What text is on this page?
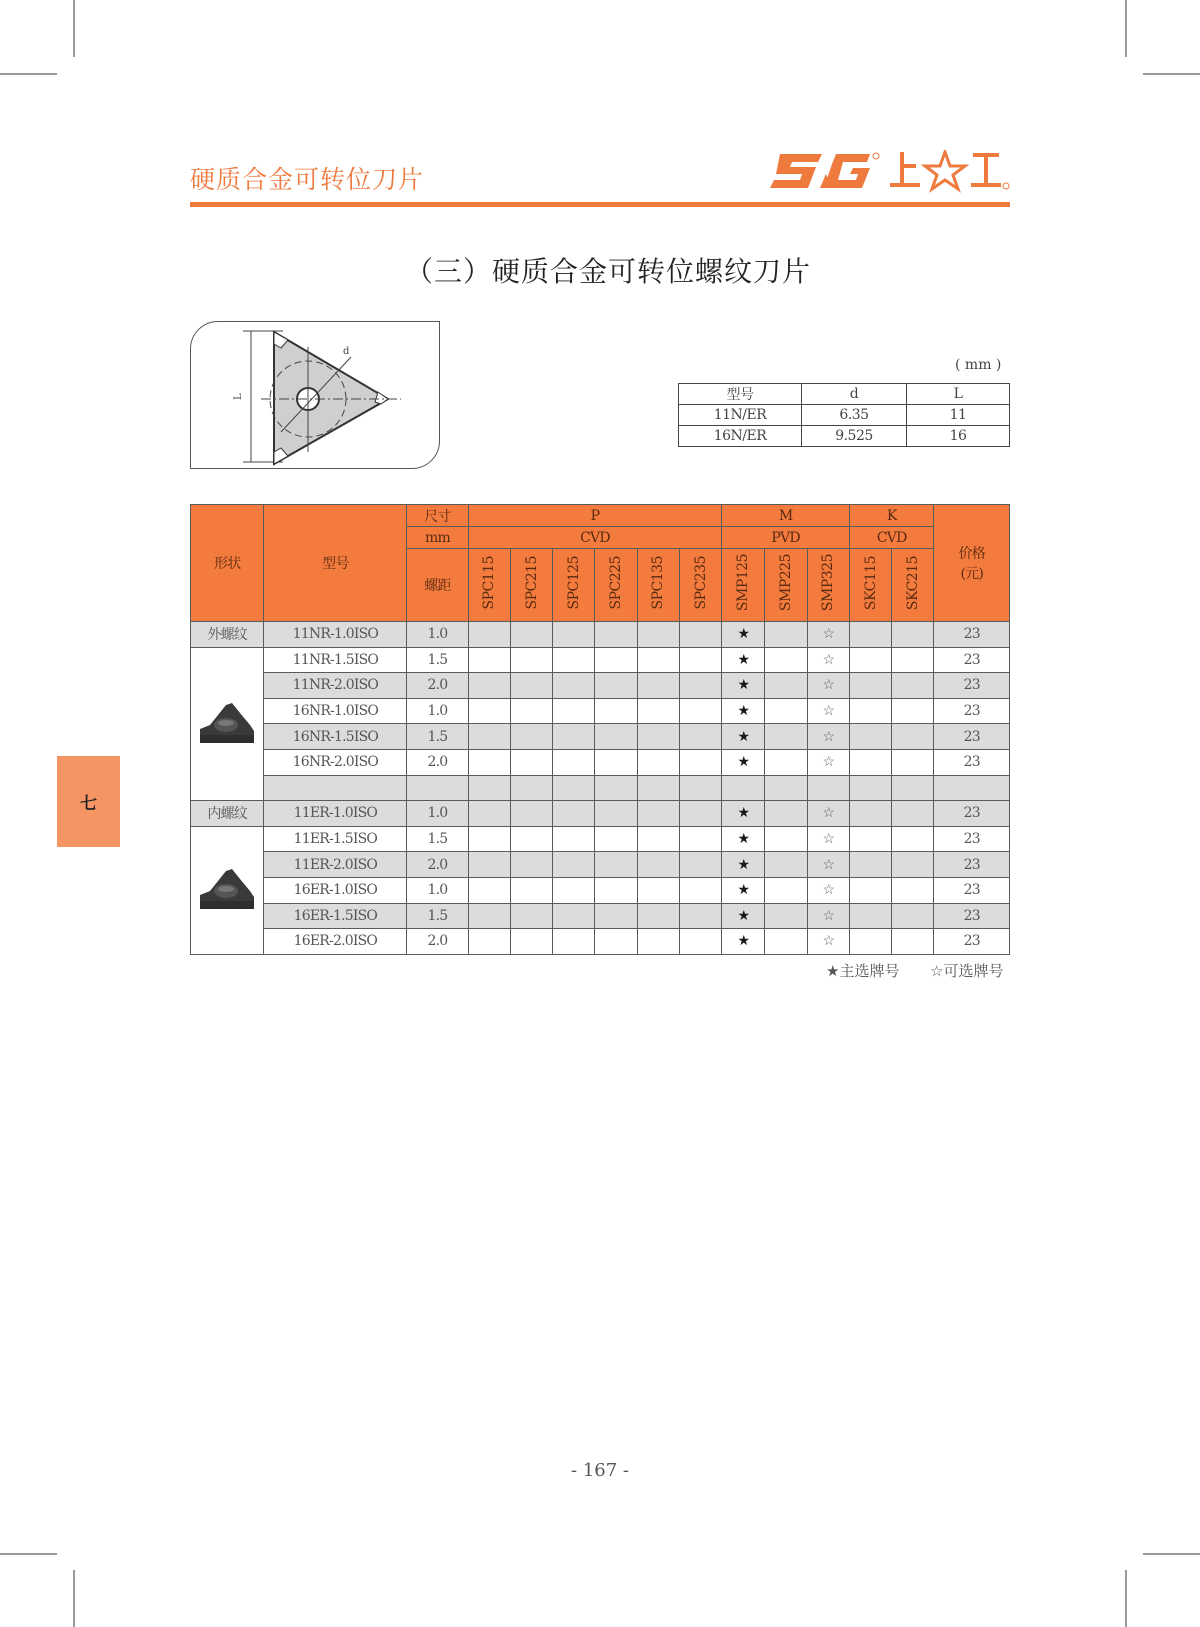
硬质合金可转位刀片
（三）硬质合金可转位螺纹刀片
L
d
( mm )
型号	d	L
11N/ER	6.35	11
16N/ER	9.525	16
形状	型号	尺寸	P						M			K		价格
(元)
		mm	CVD						PVD			CVD		
		螺距	SPC115	SPC215	SPC125	SPC225	SPC135	SPC235	SMP125	SMP225	SMP325	SKC115	SKC215	
外螺纹	11NR-1.0ISO	1.0							★		☆			23
	11NR-1.5ISO	1.5							★		☆			23
	11NR-2.0ISO	2.0							★		☆			23
	16NR-1.0ISO	1.0							★		☆			23
	16NR-1.5ISO	1.5							★		☆			23
	16NR-2.0ISO	2.0							★		☆			23

内螺纹	11ER-1.0ISO	1.0							★		☆			23
	11ER-1.5ISO	1.5							★		☆			23
	11ER-2.0ISO	2.0							★		☆			23
	16ER-1.0ISO	1.0							★		☆			23
	16ER-1.5ISO	1.5							★		☆			23
	16ER-2.0ISO	2.0							★		☆			23
★主选牌号 ☆可选牌号
七
- 167 -
